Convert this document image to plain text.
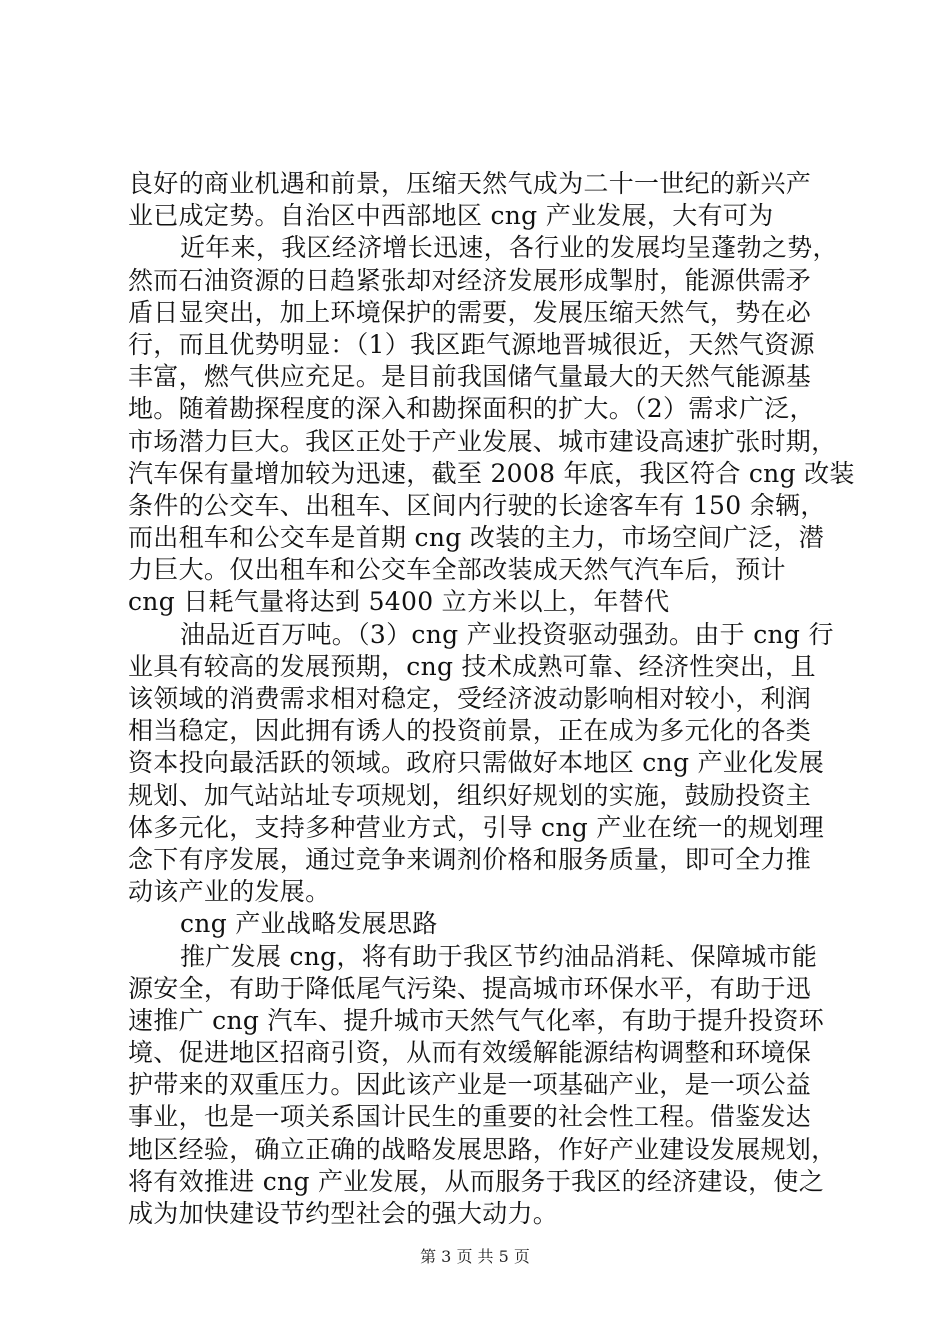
良好的商业机遇和前景，压缩天然气成为二十一世纪的新兴产
业已成定势。自治区中西部地区 cng 产业发展，大有可为
近年来，我区经济增长迅速，各行业的发展均呈蓬勃之势，
然而石油资源的日趋紧张却对经济发展形成掣肘，能源供需矛
盾日显突出，加上环境保护的需要，发展压缩天然气，势在必
行，而且优势明显：（1）我区距气源地晋城很近，天然气资源
丰富，燃气供应充足。是目前我国储气量最大的天然气能源基
地。随着勘探程度的深入和勘探面积的扩大。（2）需求广泛，
市场潜力巨大。我区正处于产业发展、城市建设高速扩张时期，
汽车保有量增加较为迅速，截至 2008 年底，我区符合 cng 改装
条件的公交车、出租车、区间内行驶的长途客车有 150 余辆，
而出租车和公交车是首期 cng 改装的主力，市场空间广泛，潜
力巨大。仅出租车和公交车全部改装成天然气汽车后，预计
cng 日耗气量将达到 5400 立方米以上，年替代
油品近百万吨。（3）cng 产业投资驱动强劲。由于 cng 行
业具有较高的发展预期，cng 技术成熟可靠、经济性突出，且
该领域的消费需求相对稳定，受经济波动影响相对较小，利润
相当稳定，因此拥有诱人的投资前景，正在成为多元化的各类
资本投向最活跃的领域。政府只需做好本地区 cng 产业化发展
规划、加气站站址专项规划，组织好规划的实施，鼓励投资主
体多元化，支持多种营业方式，引导 cng 产业在统一的规划理
念下有序发展，通过竞争来调剂价格和服务质量，即可全力推
动该产业的发展。
cng 产业战略发展思路
推广发展 cng，将有助于我区节约油品消耗、保障城市能
源安全，有助于降低尾气污染、提高城市环保水平，有助于迅
速推广 cng 汽车、提升城市天然气气化率，有助于提升投资环
境、促进地区招商引资，从而有效缓解能源结构调整和环境保
护带来的双重压力。因此该产业是一项基础产业，是一项公益
事业，也是一项关系国计民生的重要的社会性工程。借鉴发达
地区经验，确立正确的战略发展思路，作好产业建设发展规划，
将有效推进 cng 产业发展，从而服务于我区的经济建设，使之
成为加快建设节约型社会的强大动力。
第 3 页 共 5 页
